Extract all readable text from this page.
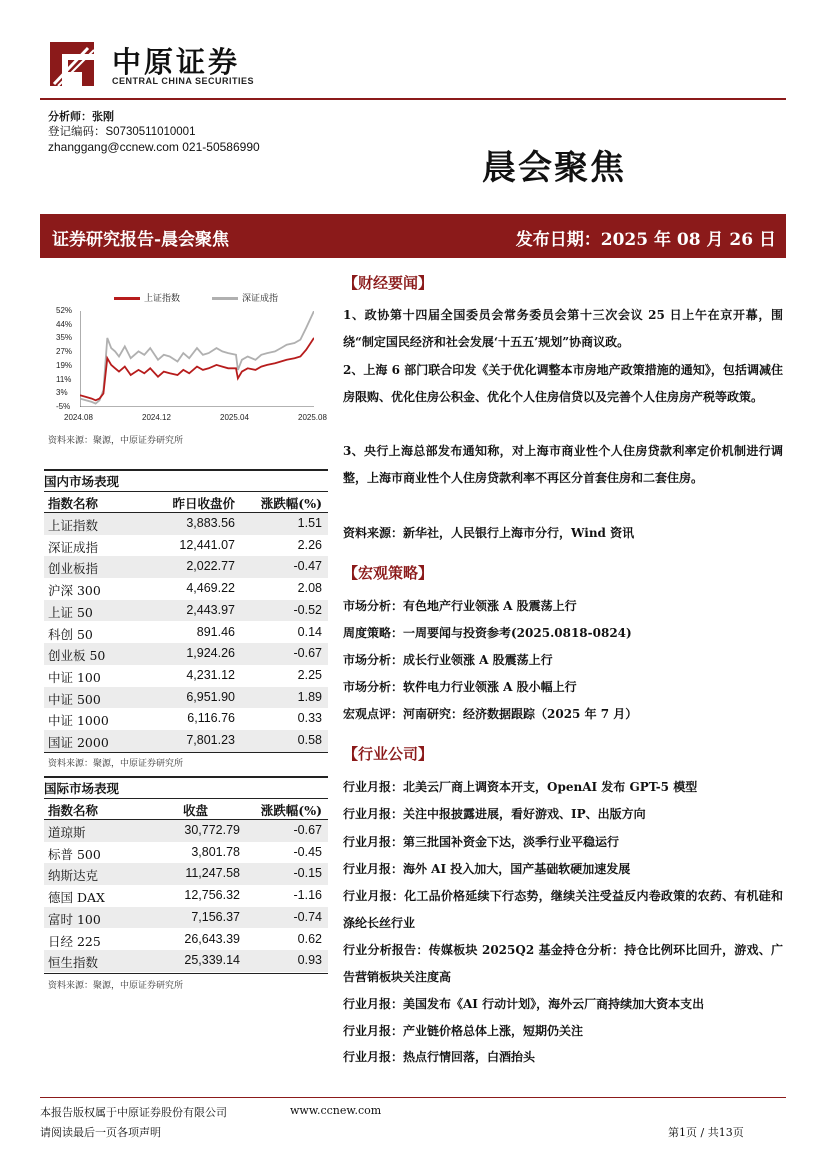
中原证券
CENTRAL CHINA SECURITIES
分析师：张刚
登记编码：S0730511010001
zhanggang@ccnew.com 021-50586990
晨会聚焦
证券研究报告-晨会聚焦	发布日期：2025 年 08 月 26 日
上证指数	深证成指
52%
44%
35%
27%
19%
11%
3%
-5%
2024.08	2024.12	2025.04	2025.08
资料来源：聚源，中原证券研究所
国内市场表现
指数名称	昨日收盘价 涨跌幅(%)
上证指数	3,883.56	1.51
深证成指	12,441.07	2.26
创业板指	2,022.77	-0.47
沪深 300	4,469.22	2.08
上证 50	2,443.97	-0.52
科创 50	891.46	0.14
创业板 50	1,924.26	-0.67
中证 100	4,231.12	2.25
中证 500	6,951.90	1.89
中证 1000	6,116.76	0.33
国证 2000	7,801.23	0.58
资料来源：聚源，中原证券研究所
国际市场表现
指数名称	收盘	涨跌幅(%)
道琼斯	30,772.79	-0.67
标普 500	3,801.78	-0.45
纳斯达克	11,247.58	-0.15
德国 DAX	12,756.32	-1.16
富时 100	7,156.37	-0.74
日经 225	26,643.39	0.62
恒生指数	25,339.14	0.93
资料来源：聚源，中原证券研究所
【财经要闻】
1、政协第十四届全国委员会常务委员会第十三次会议 25 日上午在京开幕，围绕“制定国民经济和社会发展‘十五五’规划”协商议政。
2、上海 6 部门联合印发《关于优化调整本市房地产政策措施的通知》，包括调减住房限购、优化住房公积金、优化个人住房信贷以及完善个人住房房产税等政策。
3、央行上海总部发布通知称，对上海市商业性个人住房贷款利率定价机制进行调整，上海市商业性个人住房贷款利率不再区分首套住房和二套住房。
资料来源：新华社，人民银行上海市分行，Wind 资讯
【宏观策略】
市场分析：有色地产行业领涨 A 股震荡上行
周度策略：一周要闻与投资参考(2025.0818-0824)
市场分析：成长行业领涨 A 股震荡上行
市场分析：软件电力行业领涨 A 股小幅上行
宏观点评：河南研究：经济数据跟踪（2025 年 7 月）
【行业公司】
行业月报：北美云厂商上调资本开支，OpenAI 发布 GPT-5 模型
行业月报：关注中报披露进展，看好游戏、IP、出版方向
行业月报：第三批国补资金下达，淡季行业平稳运行
行业月报：海外 AI 投入加大，国产基础软硬加速发展
行业月报：化工品价格延续下行态势，继续关注受益反内卷政策的农药、有机硅和涤纶长丝行业
行业分析报告：传媒板块 2025Q2 基金持仓分析：持仓比例环比回升，游戏、广告营销板块关注度高
行业月报：美国发布《AI 行动计划》，海外云厂商持续加大资本支出
行业月报：产业链价格总体上涨，短期仍关注
行业月报：热点行情回落，白酒抬头
本报告版权属于中原证券股份有限公司	www.ccnew.com
请阅读最后一页各项声明	第1页 / 共13页
